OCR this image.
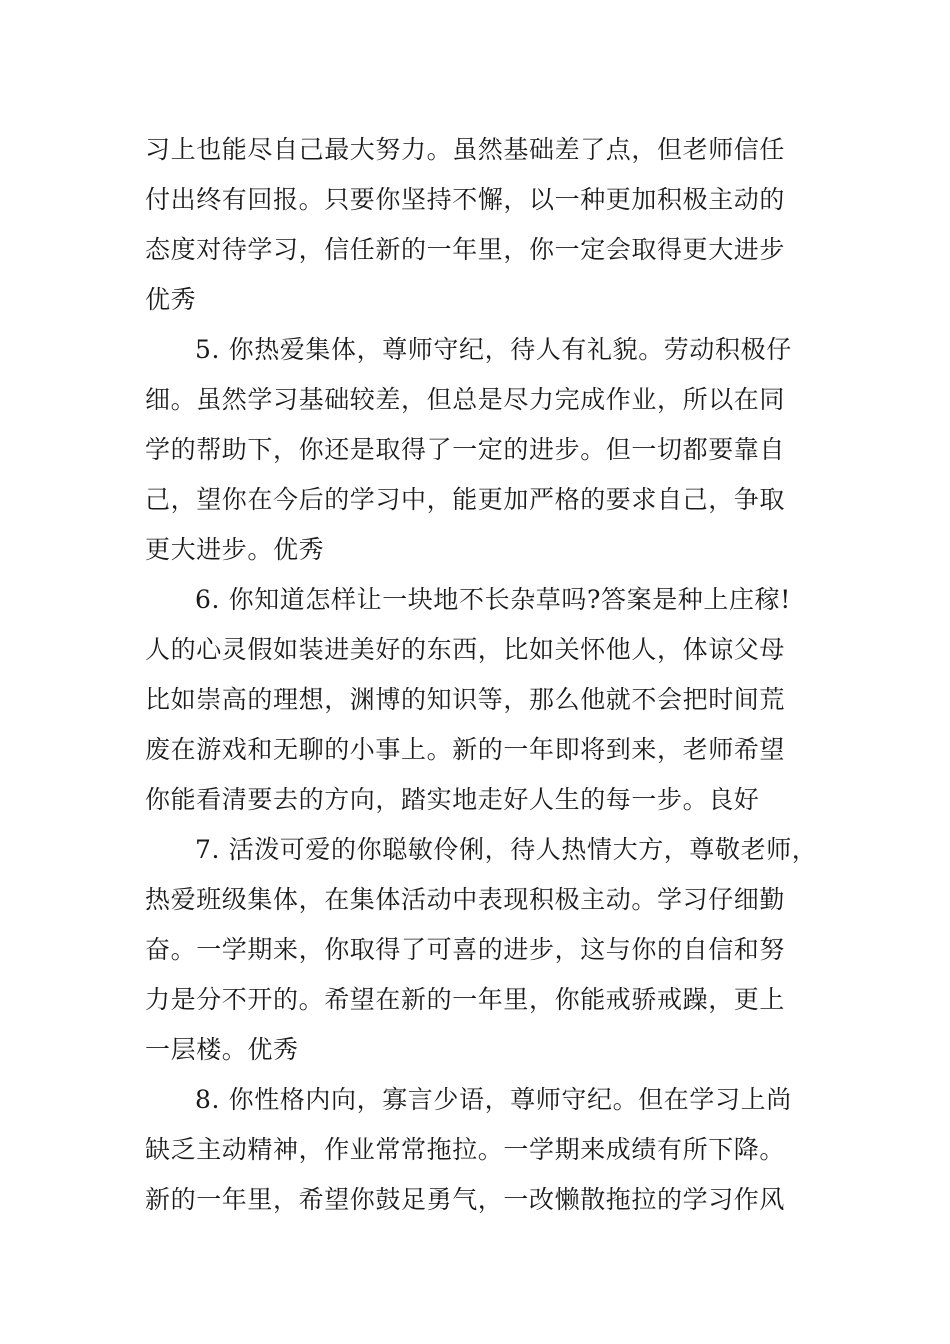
习上也能尽自己最大努力。虽然基础差了点，但老师信任
付出终有回报。只要你坚持不懈，以一种更加积极主动的
态度对待学习，信任新的一年里，你一定会取得更大进步
优秀
5. 你热爱集体，尊师守纪，待人有礼貌。劳动积极仔
细。虽然学习基础较差，但总是尽力完成作业，所以在同
学的帮助下，你还是取得了一定的进步。但一切都要靠自
己，望你在今后的学习中，能更加严格的要求自己，争取
更大进步。优秀
6. 你知道怎样让一块地不长杂草吗?答案是种上庄稼!
人的心灵假如装进美好的东西，比如关怀他人，体谅父母
比如崇高的理想，渊博的知识等，那么他就不会把时间荒
废在游戏和无聊的小事上。新的一年即将到来，老师希望
你能看清要去的方向，踏实地走好人生的每一步。良好
7. 活泼可爱的你聪敏伶俐，待人热情大方，尊敬老师，
热爱班级集体，在集体活动中表现积极主动。学习仔细勤
奋。一学期来，你取得了可喜的进步，这与你的自信和努
力是分不开的。希望在新的一年里，你能戒骄戒躁，更上
一层楼。优秀
8. 你性格内向，寡言少语，尊师守纪。但在学习上尚
缺乏主动精神，作业常常拖拉。一学期来成绩有所下降。
新的一年里，希望你鼓足勇气，一改懒散拖拉的学习作风
